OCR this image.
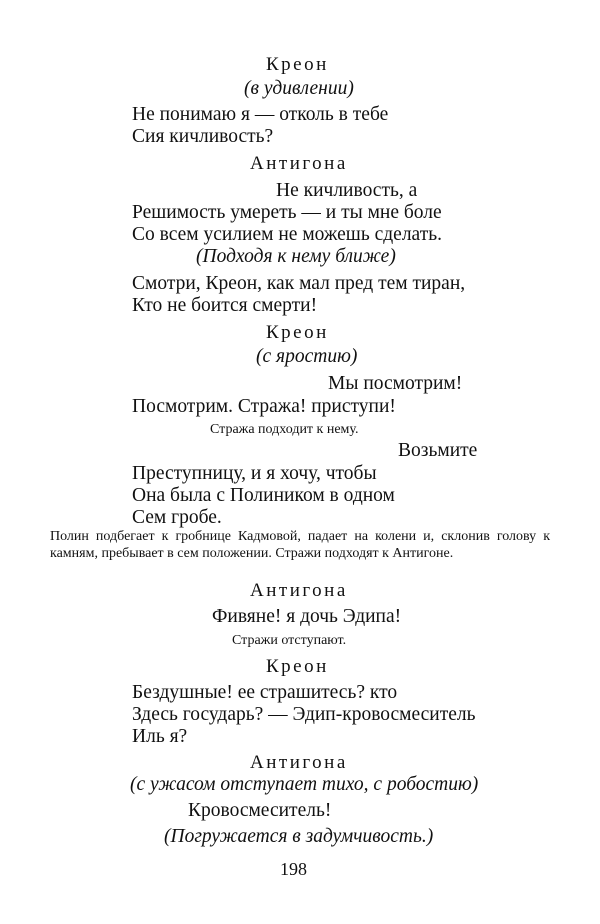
Креон
(в удивлении)
Не понимаю я — отколь в тебе
Сия кичливость?
Антигона
Не кичливость, а
Решимость умереть — и ты мне боле
Со всем усилием не можешь сделать.
(Подходя к нему ближе)
Смотри, Креон, как мал пред тем тиран,
Кто не боится смерти!
Креон
(с яростию)
Мы посмотрим!
Посмотрим. Стража! приступи!
Стража подходит к нему.
Возьмите
Преступницу, и я хочу, чтобы
Она была с Полиником в одном
Сем гробе.
Полин подбегает к гробнице Кадмовой, падает на колени и, склонив голову к камням, пребывает в сем положении. Стражи подходят к Антигоне.
Антигона
Фивяне! я дочь Эдипа!
Стражи отступают.
Креон
Бездушные! ее страшитесь? кто
Здесь государь? — Эдип-кровосмеситель
Иль я?
Антигона
(с ужасом отступает тихо, с робостию)
Кровосмеситель!
(Погружается в задумчивость.)
198
